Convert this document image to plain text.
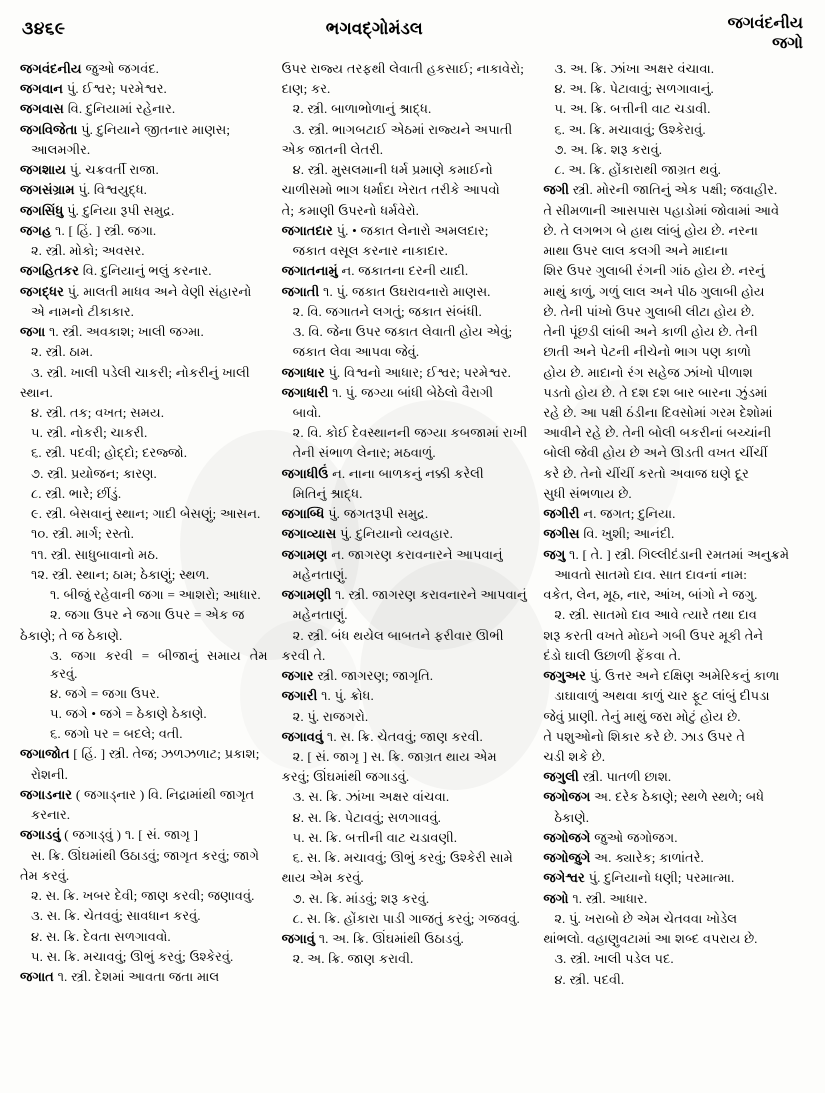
૩૪૬૯	ભગવદ્ગોમંડલ	જગવંદનીય
જગો

જગવંદનીય જુઓ જગવંદ.

જગવાન પું. ઈશ્વર; પરમેશ્વર.

જગવાસ વિ. દુનિયામાં રહેનાર.

જગવિજેતા પું. દુનિયાને જીતનાર માણસ;

આલમગીર.

જગશાય પું. ચક્રવર્તી રાજા.

જગસંગ્રામ પું. વિશ્વયુદ્ધ.

જગસિંધુ પું. દુનિયા રૂપી સમુદ્ર.

જગહ ૧. [ હિં. ] સ્ત્રી. જગા.

૨. સ્ત્રી. મોકો; અવસર.

જગહિતકર વિ. દુનિયાનું ભલું કરનાર.

જગદ્ધર પું. માલતી માધવ અને વેણી સંહારનો

એ નામનો ટીકાકાર.

જગા ૧. સ્ત્રી. અવકાશ; ખાલી જગ્મા.

૨. સ્ત્રી. ઠામ.

૩. સ્ત્રી. ખાલી પડેલી ચાકરી; નોકરીનું ખાલી

સ્થાન.

૪. સ્ત્રી. તક; વખત; સમય.

૫. સ્ત્રી. નોકરી; ચાકરી.

૬. સ્ત્રી. પદવી; હોદ્દો; દરજ્જો.

૭. સ્ત્રી. પ્રયોજન; કારણ.

૮. સ્ત્રી. ભારે; છીંડું.

૯. સ્ત્રી. બેસવાનું સ્થાન; ગાદી બેસણું; આસન.

૧૦. સ્ત્રી. માર્ગ; રસ્તો.

૧૧. સ્ત્રી. સાધુબાવાનો મઠ.

૧૨. સ્ત્રી. સ્થાન; ઠામ; ઠેકાણું; સ્થળ.

૧. બીજું રહેવાની જગા = આશરો; આધાર.

૨. જગા ઉપર ને જગા ઉપર = એક જ

ઠેકાણે; તે જ ઠેકાણે.

૩. જગા કરવી = બીજાનું સમાય તેમ કરવું.

૪. જગે = જગા ઉપર.

૫. જગે • જગે = ઠેકાણે ઠેકાણે.

૬. જગો પર = બદલે; વતી.

જગાજોત [ હિં. ] સ્ત્રી. તેજ; ઝળઝળાટ; પ્રકાશ;

રોશની.

જગાડનાર ( જગાડ્નાર ) વિ. નિદ્રામાંથી જાગૃત

કરનાર.

જગાડવું ( જગાડ્વું ) ૧. [ સં. જાગૃ ]

સ. ક્રિ. ઊંઘમાંથી ઉઠાડવું; જાગૃત કરવું; જાગે

તેમ કરવું.

૨. સ. ક્રિ. ખબર દેવી; જાણ કરવી; જણાવવું.

૩. સ. ક્રિ. ચેતવવું; સાવધાન કરવું.

૪. સ. ક્રિ. દેવતા સળગાવવો.

૫. સ. ક્રિ. મચાવવું; ઊભું કરવું; ઉશ્કેરવું.

જગાત ૧. સ્ત્રી. દેશમાં આવતા જતા માલ

ઉપર રાજ્ય તરફથી લેવાતી હકસાઈ; નાકાવેરો;

દાણ; કર.

૨. સ્ત્રી. બાળાભોળાનું શ્રાદ્ધ.

૩. સ્ત્રી. ભાગબટાઈ એઠમાં રાજ્યને અપાતી

એક જાતની લેતરી.

૪. સ્ત્રી. મુસલમાની ધર્મ પ્રમાણે કમાઈનો

ચાળીસમો ભાગ ધર્માદા ખેરાત તરીકે આપવો

તે; કમાણી ઉપરનો ધર્મવેરો.

જગાતદાર પું. • જકાત લેનારો અમલદાર;

જકાત વસૂલ કરનાર નાકાદાર.

જગાતનામું ન. જકાતના દરની યાદી.

જગાતી ૧. પું. જકાત ઉઘરાવનારો માણસ.

૨. વિ. જગાતને લગતું; જકાત સંબંધી.

૩. વિ. જેના ઉપર જકાત લેવાતી હોય એવું;

જકાત લેવા આપવા જેવું.

જગાધાર પું. વિશ્વનો આધાર; ઈશ્વર; પરમેશ્વર.

જગાધારી ૧. પું. જગ્યા બાંધી બેઠેલો વૈરાગી

બાવો.

૨. વિ. કોઈ દેવસ્થાનની જગ્યા કબજામાં રાખી

તેની સંભાળ લેનાર; મઠવાળું.

જગાધીઉં ન. નાના બાળકનું નક્કી કરેલી

મિતિનું શ્રાદ્ધ.

જગાબ્ધિ પું. જગતરૂપી સમુદ્ર.

જગાવ્યાસ પું. દુનિયાનો વ્યવહાર.

જગામણ ન. જાગરણ કરાવનારને આપવાનું

મહેનતાણું.

જગામણી ૧. સ્ત્રી. જાગરણ કરાવનારને આપવાનું

મહેનતાણું.

૨. સ્ત્રી. બંધ થયેલ બાબતને ફરીવાર ઊભી

કરવી તે.

જગાર સ્ત્રી. જાગરણ; જાગૃતિ.

જગારી ૧. પું. ક્રોધ.

૨. પું. રાજગરો.

જગાવવું ૧. સ. ક્રિ. ચેતવવું; જાણ કરવી.

૨. [ સં. જાગૃ ] સ. ક્રિ. જાગ્રત થાય એમ

કરવું; ઊંઘમાંથી જગાડવું.

૩. સ. ક્રિ. ઝાંખા અક્ષર વાંચવા.

૪. સ. ક્રિ. પેટાવવું; સળગાવવું.

૫. સ. ક્રિ. બત્તીની વાટ ચડાવણી.

૬. સ. ક્રિ. મચાવવું; ઊભું કરવું; ઉશ્કેરી સામે

થાય એમ કરવું.

૭. સ. ક્રિ. માંડવું; શરૂ કરવું.

૮. સ. ક્રિ. હોંકારા પાડી ગાજતું કરવું; ગજવવું.

જગાવું ૧. અ. ક્રિ. ઊંઘમાંથી ઉઠાડવું.

૨. અ. ક્રિ. જાણ કરાવી.

૩. અ. ક્રિ. ઝાંખા અક્ષર વંચાવા.

૪. અ. ક્રિ. પેટાવાવું; સળગાવાનું.

૫. અ. ક્રિ. બત્તીની વાટ ચડાવી.

૬. અ. ક્રિ. મચાવાવું; ઉશ્કેરાવું.

૭. અ. ક્રિ. શરૂ કરાવું.

૮. અ. ક્રિ. હોંકારાથી જાગ્રત થવું.

જગી સ્ત્રી. મોરની જાતિનું એક પક્ષી; જવાહીર.

તે સીમળાની આસપાસ પહાડોમાં જોવામાં આવે

છે. તે લગભગ બે હાથ લાંબું હોય છે. નરના

માથા ઉપર લાલ કલગી અને માદાના

શિર ઉપર ગુલાબી રંગની ગાંઠ હોય છે. નરનું

માથું કાળું, ગળું લાલ અને પીઠ ગુલાબી હોય

છે. તેની પાંખો ઉપર ગુલાબી લીટા હોય છે.

તેની પૂંછડી લાંબી અને કાળી હોય છે. તેની

છાતી અને પેટની નીચેનો ભાગ પણ કાળો

હોય છે. માદાનો રંગ સહેજ ઝાંખો પીળાશ

પડતો હોય છે. તે દશ દશ બાર બારના ઝુંડમાં

રહે છે. આ પક્ષી ઠંડીના દિવસોમાં ગરમ દેશોમાં

આવીને રહે છે. તેની બોલી બકરીનાં બચ્ચાંની

બોલી જેવી હોય છે અને ઊડતી વખત ચીંચીં

કરે છે. તેનો ચીંચીં કરતો અવાજ ઘણે દૂર

સુધી સંભળાય છે.

જગીરી ન. જગત; દુનિયા.

જગીસ વિ. ખુશી; આનંદી.

જગુ ૧. [ તે. ] સ્ત્રી. ગિલ્લીદંડાની રમતમાં અનુક્રમે

આવતો સાતમો દાવ. સાત દાવનાં નામ:

વકેત, લેન, મૂઠ, નાર, આંખ, બાંગો ને જગુ.

૨. સ્ત્રી. સાતમો દાવ આવે ત્યારે તથા દાવ

શરૂ કરતી વખતે મોઇને ગબી ઉપર મૂકી તેને

દંડો ઘાલી ઉછાળી ફેંકવા તે.

જગુઅર પું. ઉત્તર અને દક્ષિણ અમેરિકનું કાળા

ડાઘાવાળું અથવા કાળું ચાર ફૂટ લાંબું દીપડા

જેવું પ્રાણી. તેનું માથું જરા મોટું હોય છે.

તે પશુઓનો શિકાર કરે છે. ઝાડ ઉપર તે

ચડી શકે છે.

જગુલી સ્ત્રી. પાતળી છાશ.

જગોજગ અ. દરેક ઠેકાણે; સ્થળે સ્થળે; બધે

ઠેકાણે.

જગોજગે જુઓ જગોજગ.

જગોજુગે અ. ક્યારેક; કાળાંતરે.

જગેશ્વર પું. દુનિયાનો ધણી; પરમાત્મા.

જગો ૧. સ્ત્રી. આધાર.

૨. પું. ખરાબો છે એમ ચેતવવા ખોડેલ

થાંભલો. વહાણુવટામાં આ શબ્દ વપરાય છે.

૩. સ્ત્રી. ખાલી પડેલ પદ.

૪. સ્ત્રી. પદવી.
